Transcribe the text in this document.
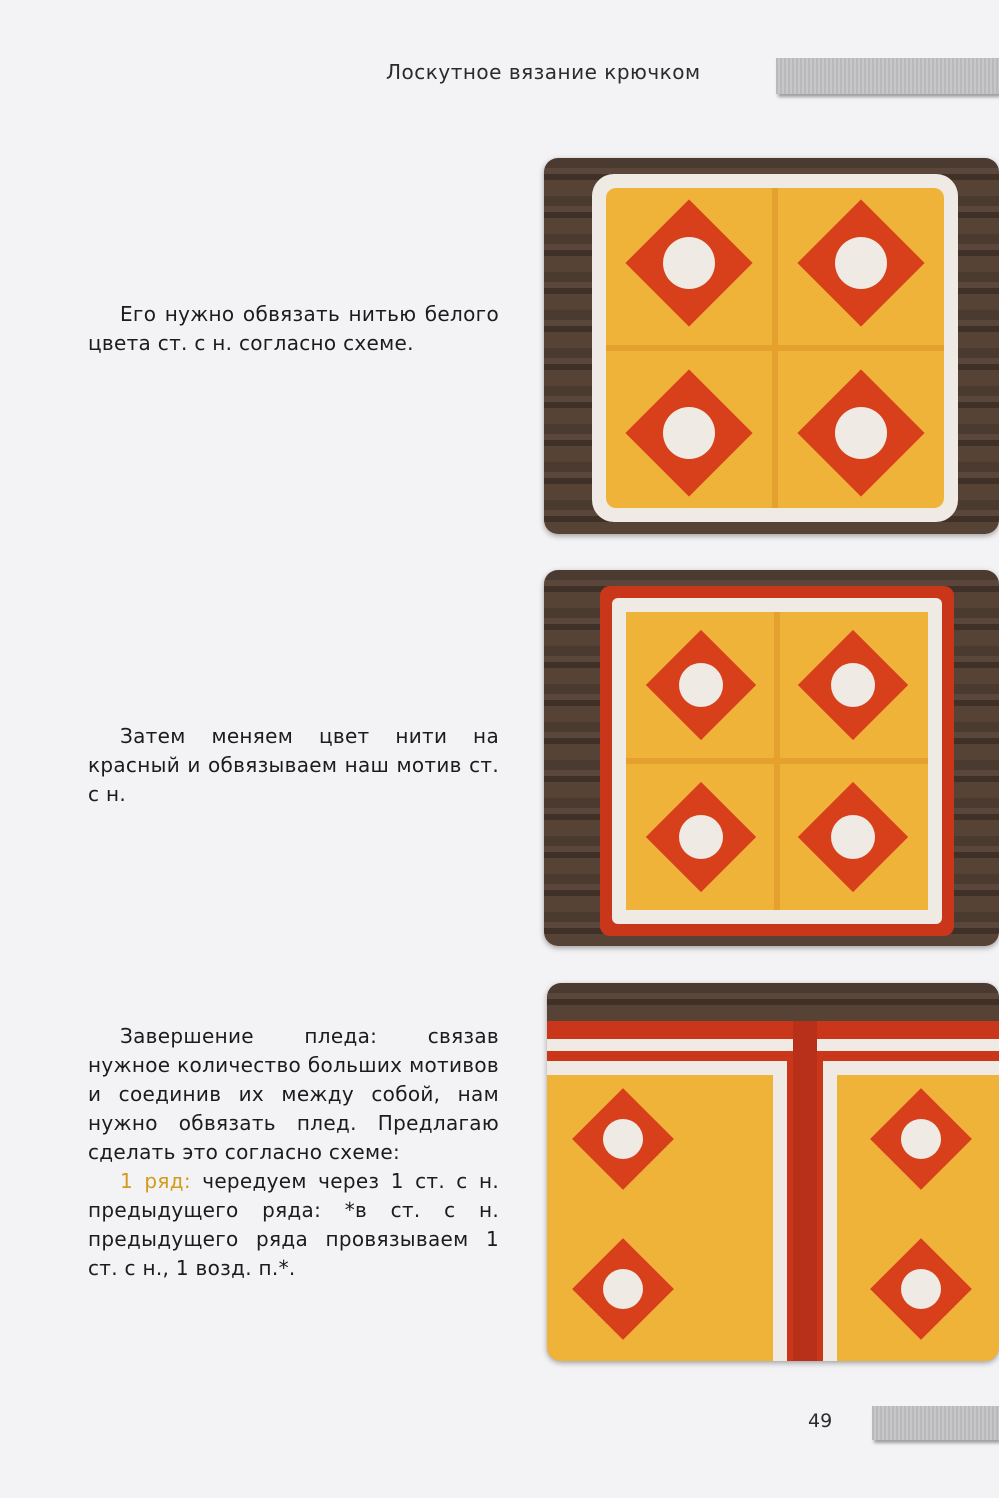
Лоскутное вязание крючком

Его нужно обвязать нитью белого цвета ст. с н. согласно схеме.

Затем меняем цвет нити на красный и обвязываем наш мотив ст. с н.

Завершение пледа: связав нужное количество больших мотивов и соединив их между собой, нам нужно обвязать плед. Предлагаю сделать это согласно схеме:

1 ряд: чередуем через 1 ст. с н. предыдущего ряда: *в ст. с н. предыдущего ряда провязываем 1 ст. с н., 1 возд. п.*.

49
